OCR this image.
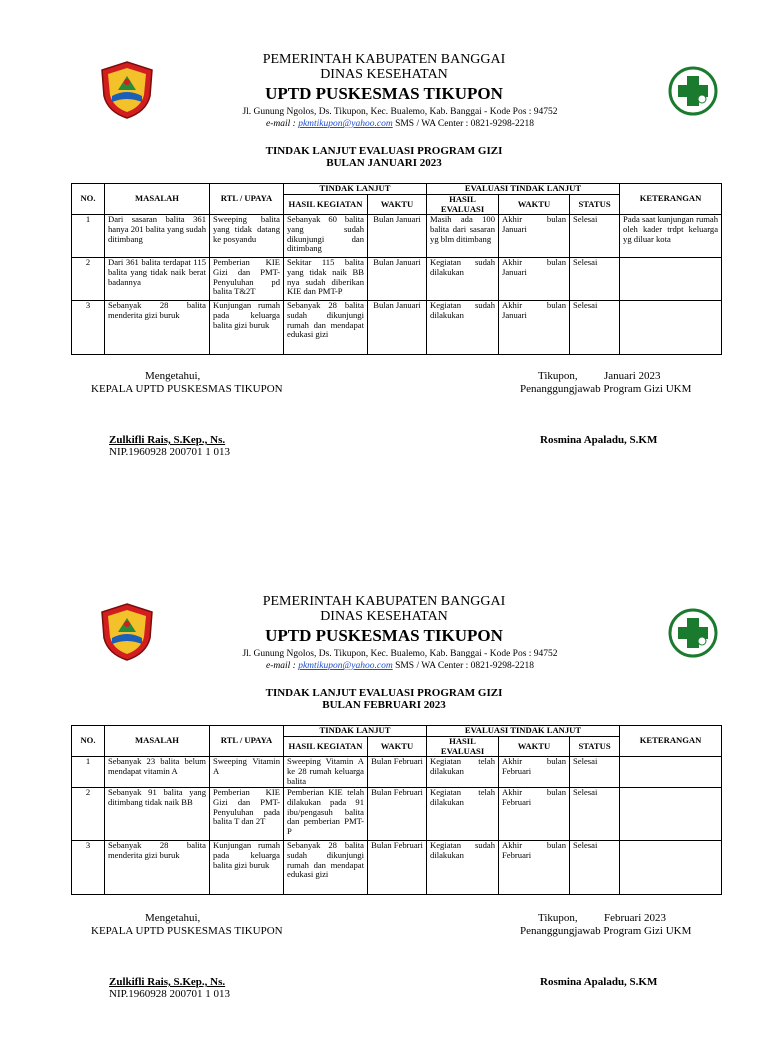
PEMERINTAH KABUPATEN BANGGAI
DINAS KESEHATAN
UPTD PUSKESMAS TIKUPON
Jl. Gunung Ngolos, Ds. Tikupon, Kec. Bualemo, Kab. Banggai - Kode Pos : 94752
e-mail : pkmtikupon@yahoo.com SMS / WA Center : 0821-9298-2218
TINDAK LANJUT EVALUASI PROGRAM GIZI
BULAN JANUARI 2023
NO.	MASALAH	RTL / UPAYA	TINDAK LANJUT		EVALUASI TINDAK LANJUT			KETERANGAN
			HASIL KEGIATAN	WAKTU	HASIL EVALUASI	WAKTU	STATUS	
1	Dari sasaran balita 361 hanya 201 balita yang sudah ditimbang	Sweeping balita yang tidak datang ke posyandu	Sebanyak 60 balita yang sudah dikunjungi dan ditimbang	Bulan Januari	Masih ada 100 balita dari sasaran yg blm ditimbang	Akhir bulan Januari	Selesai	Pada saat kunjungan rumah oleh kader trdpt keluarga yg diluar kota
2	Dari 361 balita terdapat 115 balita yang tidak naik berat badannya	Pemberian KIE Gizi dan PMT-Penyuluhan pd balita T&2T	Sekitar 115 balita yang tidak naik BB nya sudah diberikan KIE dan PMT-P	Bulan Januari	Kegiatan sudah dilakukan	Akhir bulan Januari	Selesai	
3	Sebanyak 28 balita menderita gizi buruk	Kunjungan rumah pada keluarga balita gizi buruk	Sebanyak 28 balita sudah dikunjungi rumah dan mendapat edukasi gizi	Bulan Januari	Kegiatan sudah dilakukan	Akhir bulan Januari	Selesai	
Mengetahui,
KEPALA UPTD PUSKESMAS TIKUPON
Zulkifli Rais, S.Kep., Ns.
NIP.1960928 200701 1 013
Tikupon, Januari 2023
Penanggungjawab Program Gizi UKM
Rosmina Apaladu, S.KM
PEMERINTAH KABUPATEN BANGGAI
DINAS KESEHATAN
UPTD PUSKESMAS TIKUPON
Jl. Gunung Ngolos, Ds. Tikupon, Kec. Bualemo, Kab. Banggai - Kode Pos : 94752
e-mail : pkmtikupon@yahoo.com SMS / WA Center : 0821-9298-2218
TINDAK LANJUT EVALUASI PROGRAM GIZI
BULAN FEBRUARI 2023
NO.	MASALAH	RTL / UPAYA	TINDAK LANJUT		EVALUASI TINDAK LANJUT			KETERANGAN
			HASIL KEGIATAN	WAKTU	HASIL EVALUASI	WAKTU	STATUS	
1	Sebanyak 23 balita belum mendapat vitamin A	Sweeping Vitamin A	Sweeping Vitamin A ke 28 rumah keluarga balita	Bulan Februari	Kegiatan telah dilakukan	Akhir bulan Februari	Selesai	
2	Sebanyak 91 balita yang ditimbang tidak naik BB	Pemberian KIE Gizi dan PMT-Penyuluhan pada balita T dan 2T	Pemberian KIE telah dilakukan pada 91 ibu/pengasuh balita dan pemberian PMT-P	Bulan Februari	Kegiatan telah dilakukan	Akhir bulan Februari	Selesai	
3	Sebanyak 28 balita menderita gizi buruk	Kunjungan rumah pada keluarga balita gizi buruk	Sebanyak 28 balita sudah dikunjungi rumah dan mendapat edukasi gizi	Bulan Februari	Kegiatan sudah dilakukan	Akhir bulan Februari	Selesai	
Mengetahui,
KEPALA UPTD PUSKESMAS TIKUPON
Zulkifli Rais, S.Kep., Ns.
NIP.1960928 200701 1 013
Tikupon, Februari 2023
Penanggungjawab Program Gizi UKM
Rosmina Apaladu, S.KM
